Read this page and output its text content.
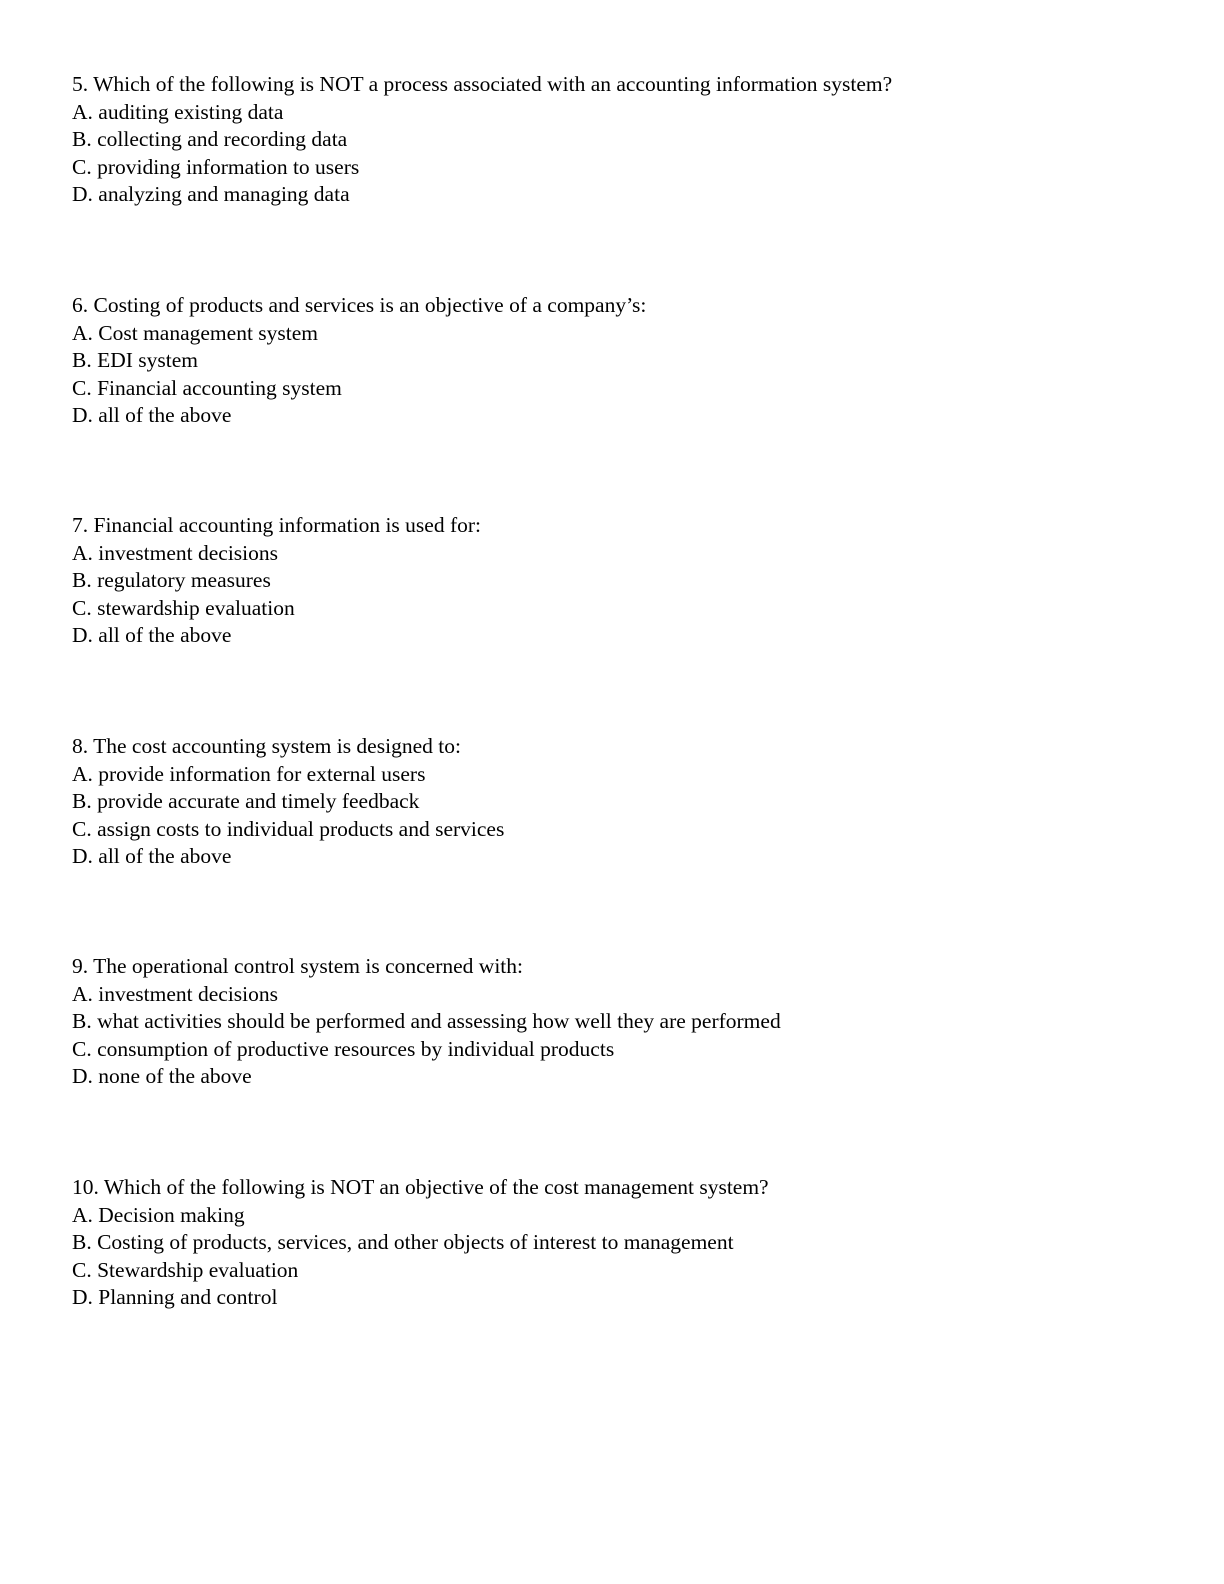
5. Which of the following is NOT a process associated with an accounting information system?

A. auditing existing data

B. collecting and recording data

C. providing information to users

D. analyzing and managing data

6. Costing of products and services is an objective of a company’s:

A. Cost management system

B. EDI system

C. Financial accounting system

D. all of the above

7. Financial accounting information is used for:

A. investment decisions

B. regulatory measures

C. stewardship evaluation

D. all of the above

8. The cost accounting system is designed to:

A. provide information for external users

B. provide accurate and timely feedback

C. assign costs to individual products and services

D. all of the above

9. The operational control system is concerned with:

A. investment decisions

B. what activities should be performed and assessing how well they are performed

C. consumption of productive resources by individual products

D. none of the above

10. Which of the following is NOT an objective of the cost management system?

A. Decision making

B. Costing of products, services, and other objects of interest to management

C. Stewardship evaluation

D. Planning and control
